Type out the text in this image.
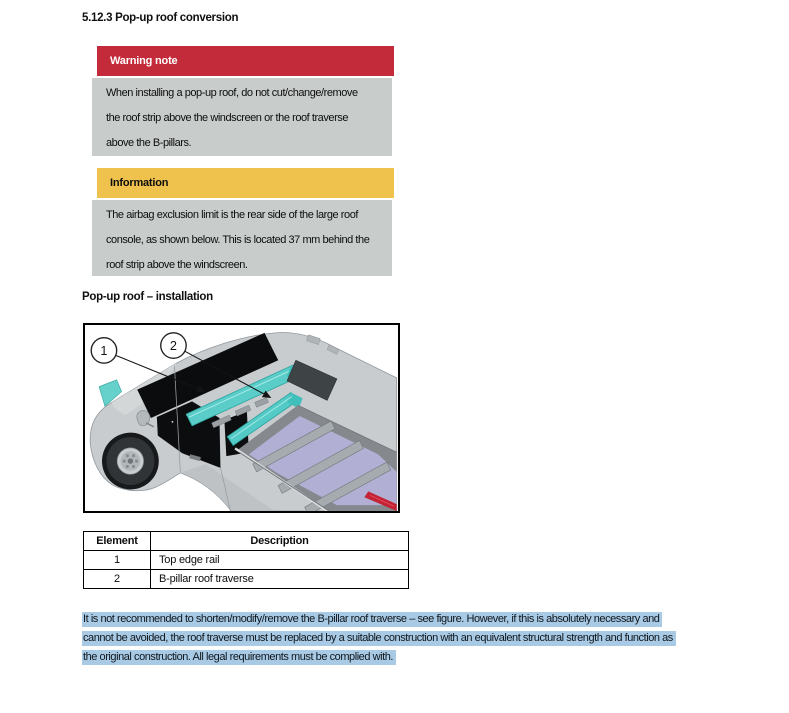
5.12.3 Pop-up roof conversion
Warning note
When installing a pop-up roof, do not cut/change/remove
the roof strip above the windscreen or the roof traverse
above the B-pillars.
Information
The airbag exclusion limit is the rear side of the large roof
console, as shown below. This is located 37 mm behind the
roof strip above the windscreen.
Pop-up roof – installation
1	2
Element	Description
1	Top edge rail
2	B-pillar roof traverse
It is not recommended to shorten/modify/remove the B-pillar roof traverse – see figure. However, if this is absolutely necessary and
cannot be avoided, the roof traverse must be replaced by a suitable construction with an equivalent structural strength and function as
the original construction. All legal requirements must be complied with.
